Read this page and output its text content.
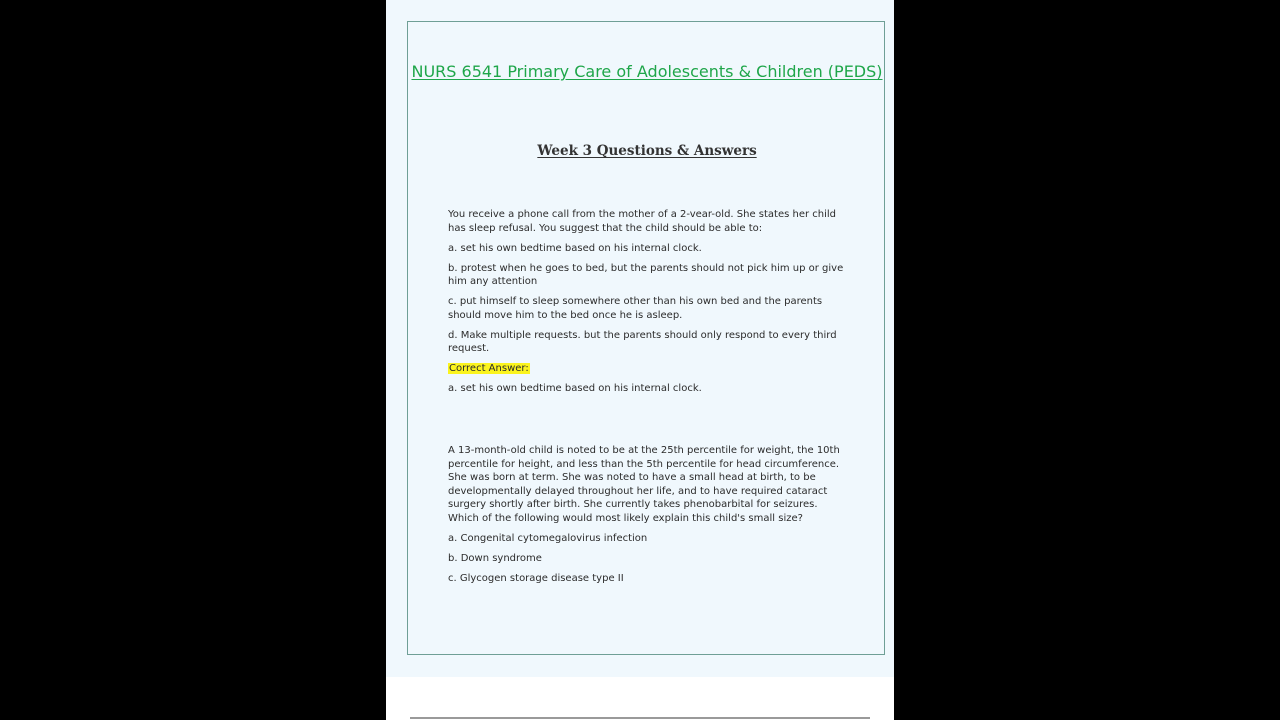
NURS 6541 Primary Care of Adolescents & Children (PEDS)
Week 3 Questions & Answers

You receive a phone call from the mother of a 2-vear-old. She states her child has sleep refusal. You suggest that the child should be able to:

a. set his own bedtime based on his internal clock.

b. protest when he goes to bed, but the parents should not pick him up or give him any attention

c. put himself to sleep somewhere other than his own bed and the parents should move him to the bed once he is asleep.

d. Make multiple requests. but the parents should only respond to every third request.

Correct Answer:

a. set his own bedtime based on his internal clock.

A 13-month-old child is noted to be at the 25th percentile for weight, the 10th percentile for height, and less than the 5th percentile for head circumference. She was born at term. She was noted to have a small head at birth, to be developmentally delayed throughout her life, and to have required cataract surgery shortly after birth. She currently takes phenobarbital for seizures. Which of the following would most likely explain this child's small size?

a. Congenital cytomegalovirus infection

b. Down syndrome

c. Glycogen storage disease type II
